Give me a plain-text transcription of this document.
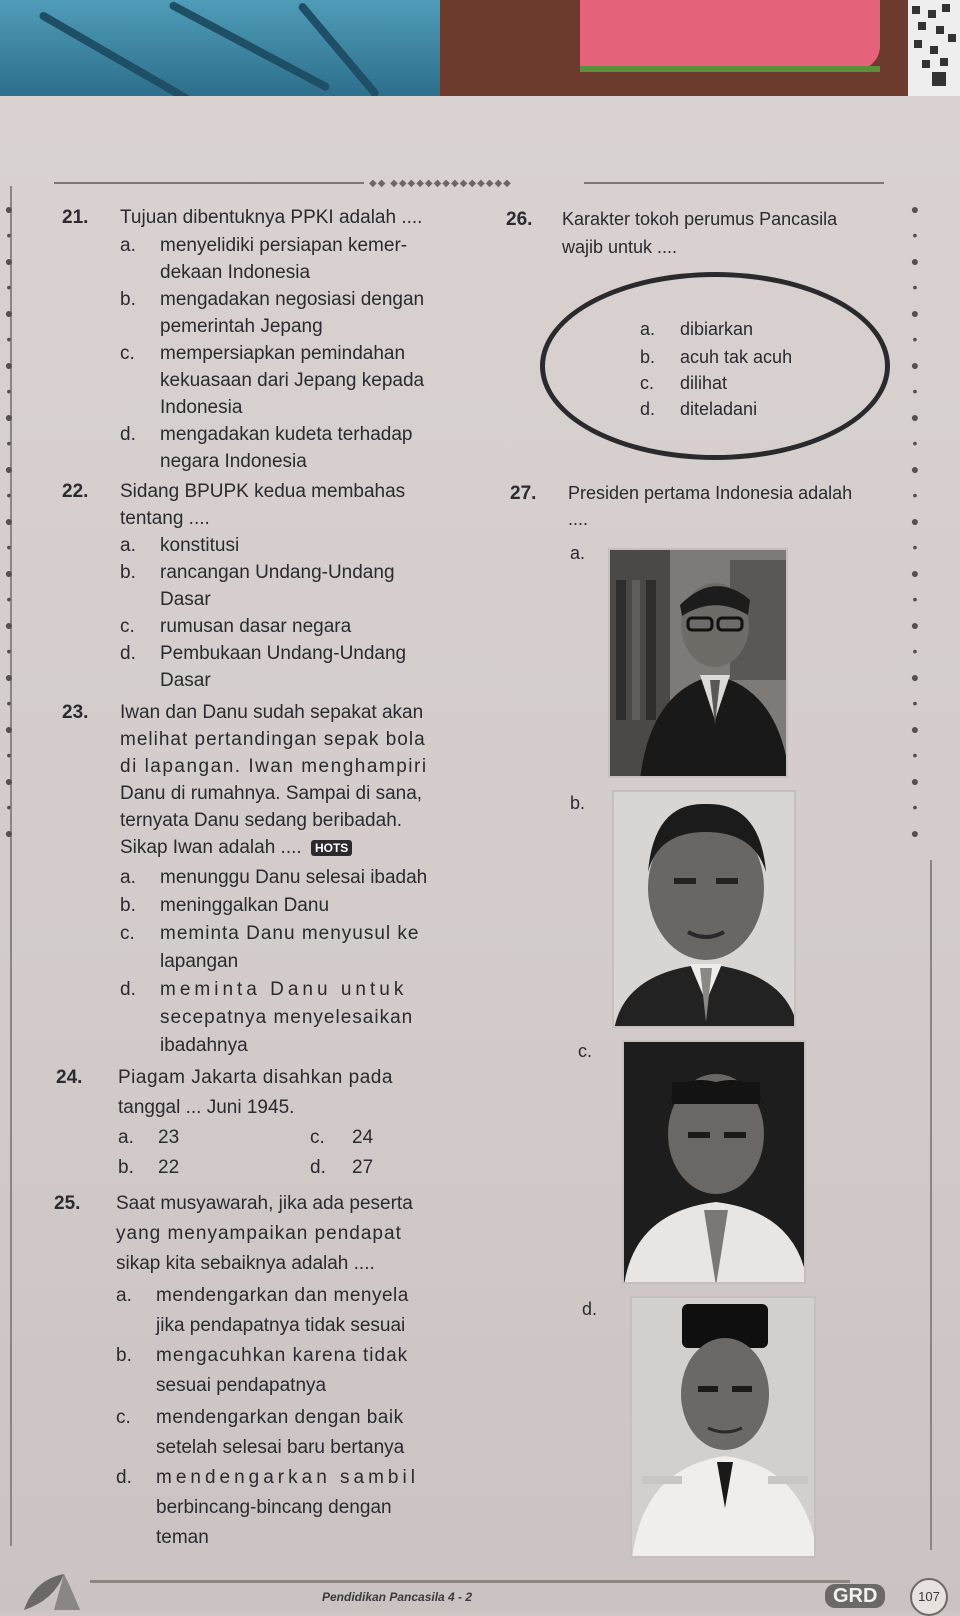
◆◆ ◆◆◆◆◆◆◆◆◆◆◆◆◆◆
●
•
●
•
●
•
●
•
●
•
●
•
●
•
●
•
●
•
●
•
●
•
●
•
●
●
•
●
•
●
•
●
•
●
•
●
•
●
•
●
•
●
•
●
•
●
•
●
•
●
21. Tujuan dibentuknya PPKI adalah ....
a. menyelidiki persiapan kemer-
dekaan Indonesia
b. mengadakan negosiasi dengan
pemerintah Jepang
c. mempersiapkan pemindahan
kekuasaan dari Jepang kepada
Indonesia
d. mengadakan kudeta terhadap
negara Indonesia
22. Sidang BPUPK kedua membahas
tentang ....
a. konstitusi
b. rancangan Undang-Undang
Dasar
c. rumusan dasar negara
d. Pembukaan Undang-Undang
Dasar
23. Iwan dan Danu sudah sepakat akan
melihat pertandingan sepak bola
di lapangan. Iwan menghampiri
Danu di rumahnya. Sampai di sana,
ternyata Danu sedang beribadah.
Sikap Iwan adalah .... HOTS
a. menunggu Danu selesai ibadah
b. meninggalkan Danu
c. meminta Danu menyusul ke
lapangan
d. meminta Danu untuk
secepatnya menyelesaikan
ibadahnya
24. Piagam Jakarta disahkan pada
tanggal ... Juni 1945.
a. 23	c. 24
b. 22	d. 27
25. Saat musyawarah, jika ada peserta
yang menyampaikan pendapat
sikap kita sebaiknya adalah ....
a. mendengarkan dan menyela
jika pendapatnya tidak sesuai
b. mengacuhkan karena tidak
sesuai pendapatnya
c. mendengarkan dengan baik
setelah selesai baru bertanya
d. mendengarkan sambil
berbincang-bincang dengan
teman
26. Karakter tokoh perumus Pancasila
wajib untuk ....
a. dibiarkan
b. acuh tak acuh
c. dilihat
d. diteladani
27. Presiden pertama Indonesia adalah
....
a.
b.
c.
d.
Pendidikan Pancasila 4 - 2	GRD	107
